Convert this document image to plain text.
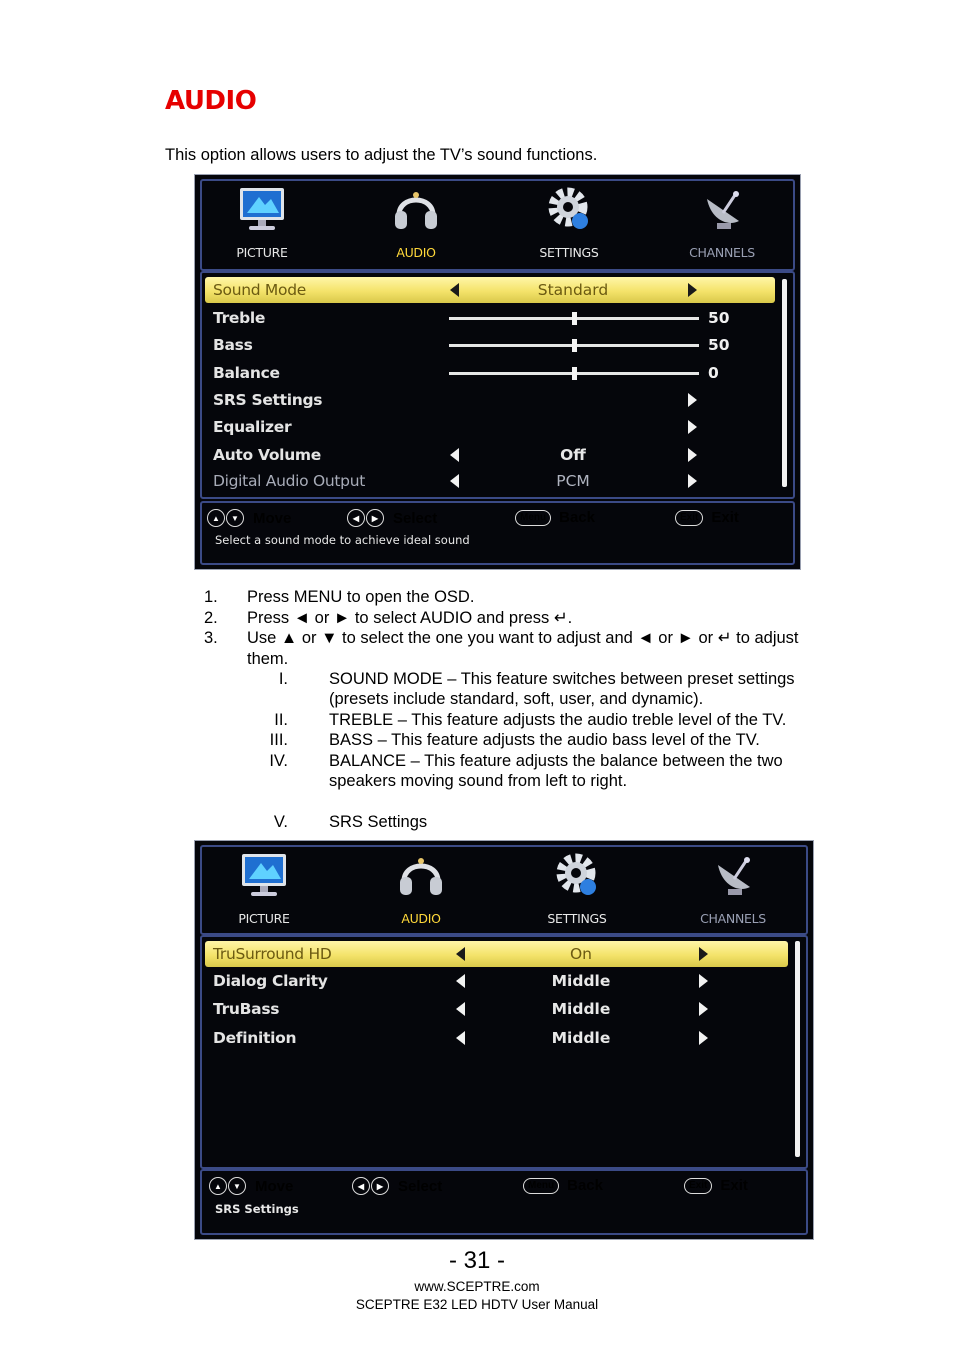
AUDIO
This option allows users to adjust the TV’s sound functions.
PICTURE	AUDIO	SETTINGS	CHANNELS
Sound Mode	Standard
Treble	50
Bass	50
Balance	0
SRS Settings
Equalizer
Auto Volume	Off
Digital Audio Output	PCM
▲	▼ Move	◀	▶ Select	Menu Back	Exit Exit
Select a sound mode to achieve ideal sound
1. Press MENU to open the OSD.
2. Press ◄ or ► to select AUDIO and press ↵.
3. Use ▲ or ▼ to select the one you want to adjust and ◄ or ► or ↵ to adjust
them.
I. SOUND MODE – This feature switches between preset settings
(presets include standard, soft, user, and dynamic).
II. TREBLE – This feature adjusts the audio treble level of the TV.
III. BASS – This feature adjusts the audio bass level of the TV.
IV. BALANCE – This feature adjusts the balance between the two
speakers moving sound from left to right.
V. SRS Settings
PICTURE	AUDIO	SETTINGS	CHANNELS
TruSurround HD	On
Dialog Clarity	Middle
TruBass	Middle
Definition	Middle
▲	▼ Move	◀	▶ Select	Menu Back	Exit Exit
SRS Settings
- 31 -
www.SCEPTRE.com
SCEPTRE E32 LED HDTV User Manual
